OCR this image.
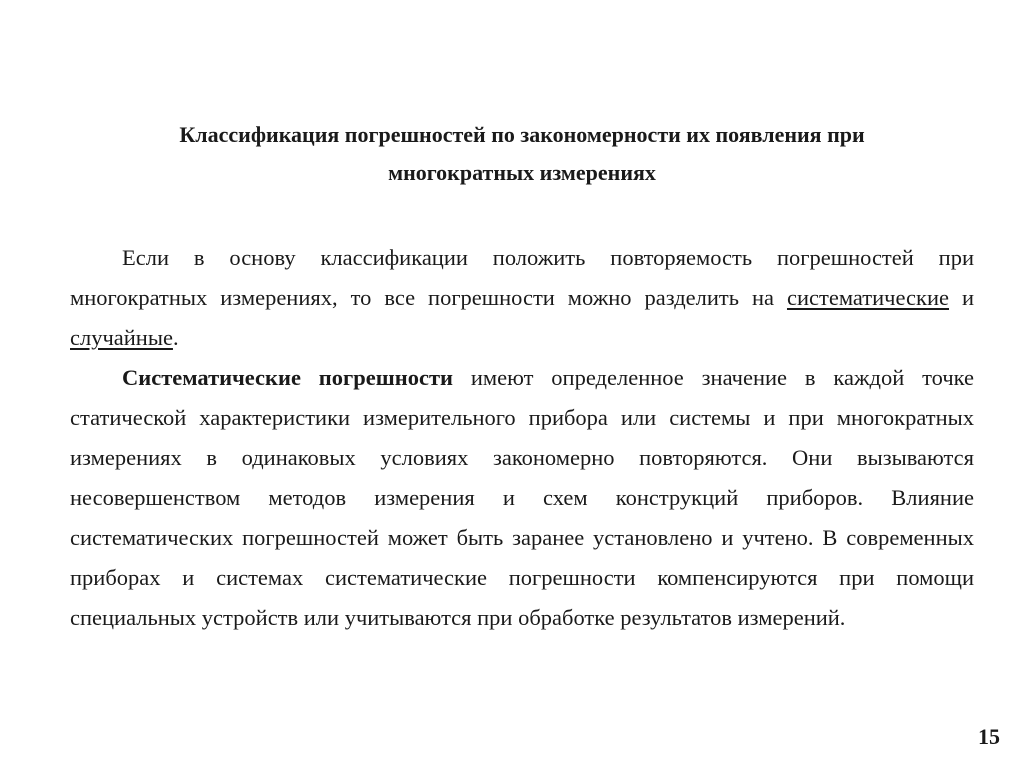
Классификация погрешностей по закономерности их появления при
многократных измерениях

Если в основу классификации положить повторяемость погрешностей при многократных измерениях, то все погрешности можно разделить на систематические и случайные.

Систематические погрешности имеют определенное значение в каждой точке статической характеристики измерительного прибора или системы и при многократных измерениях в одинаковых условиях закономерно повторяются. Они вызываются несовершенством методов измерения и схем конструкций приборов. Влияние систематических погрешностей может быть заранее установлено и учтено. В современных приборах и системах систематические погрешности компенсируются при помощи специальных устройств или учитываются при обработке результатов измерений.

15
